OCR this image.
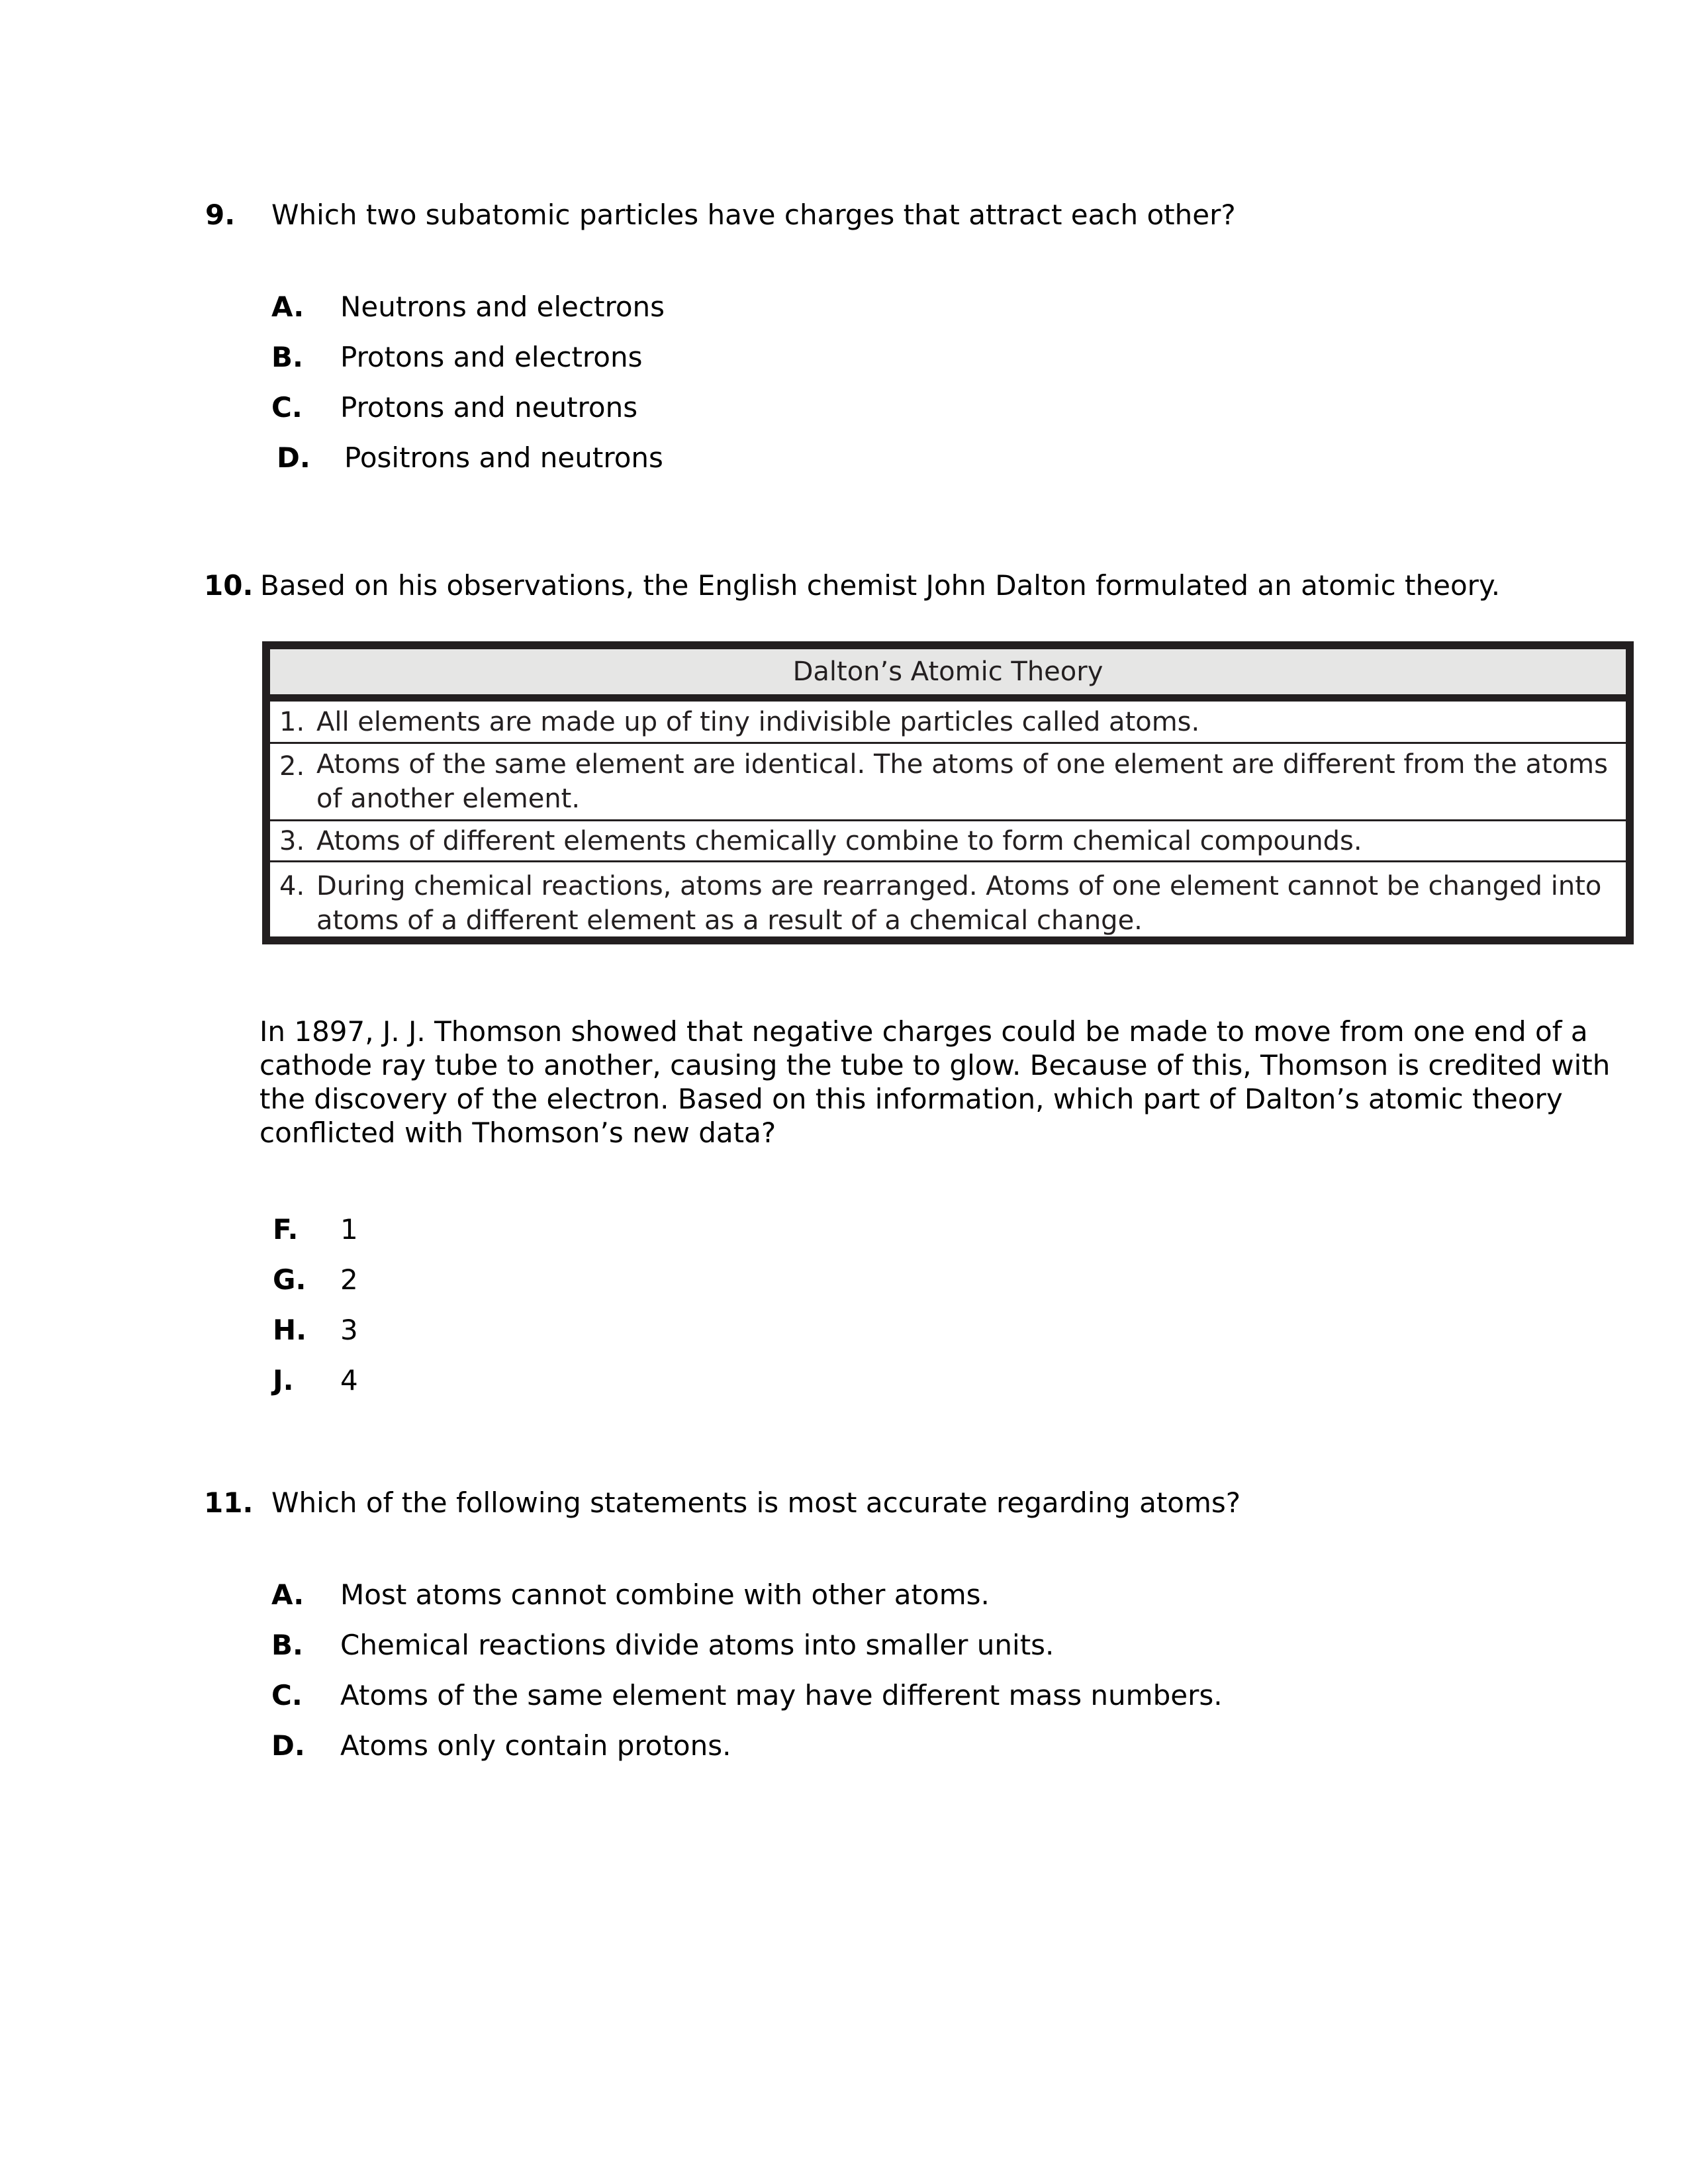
9. Which two subatomic particles have charges that attract each other?
A. Neutrons and electrons
B. Protons and electrons
C. Protons and neutrons
D. Positrons and neutrons
10. Based on his observations, the English chemist John Dalton formulated an atomic theory.
Dalton’s Atomic Theory
1. All elements are made up of tiny indivisible particles called atoms.
2. Atoms of the same element are identical. The atoms of one element are different from the atoms of another element.
3. Atoms of different elements chemically combine to form chemical compounds.
4. During chemical reactions, atoms are rearranged. Atoms of one element cannot be changed into atoms of a different element as a result of a chemical change.
In 1897, J. J. Thomson showed that negative charges could be made to move from one end of a cathode ray tube to another, causing the tube to glow. Because of this, Thomson is credited with the discovery of the electron. Based on this information, which part of Dalton’s atomic theory conflicted with Thomson’s new data?
F. 1
G. 2
H. 3
J. 4
11. Which of the following statements is most accurate regarding atoms?
A. Most atoms cannot combine with other atoms.
B. Chemical reactions divide atoms into smaller units.
C. Atoms of the same element may have different mass numbers.
D. Atoms only contain protons.
